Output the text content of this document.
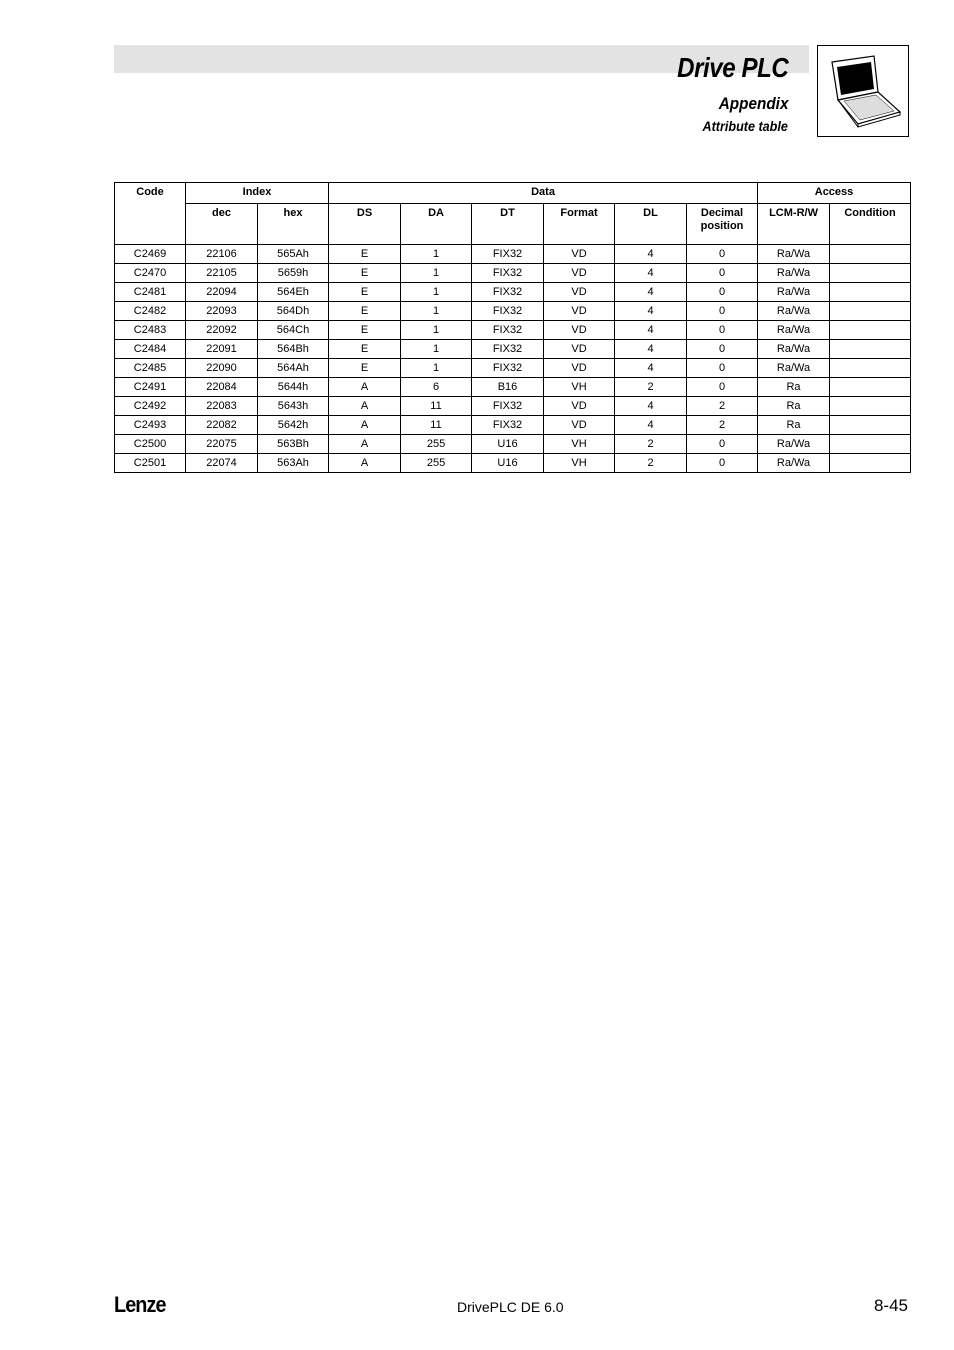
Drive PLC
Appendix
Attribute table
Code	Index		Data						Access	
	dec	hex	DS	DA	DT	Format	DL	Decimal position	LCM-R/W	Condition
C2469	22106	565Ah	E	1	FIX32	VD	4	0	Ra/Wa	
C2470	22105	5659h	E	1	FIX32	VD	4	0	Ra/Wa	
C2481	22094	564Eh	E	1	FIX32	VD	4	0	Ra/Wa	
C2482	22093	564Dh	E	1	FIX32	VD	4	0	Ra/Wa	
C2483	22092	564Ch	E	1	FIX32	VD	4	0	Ra/Wa	
C2484	22091	564Bh	E	1	FIX32	VD	4	0	Ra/Wa	
C2485	22090	564Ah	E	1	FIX32	VD	4	0	Ra/Wa	
C2491	22084	5644h	A	6	B16	VH	2	0	Ra	
C2492	22083	5643h	A	11	FIX32	VD	4	2	Ra	
C2493	22082	5642h	A	11	FIX32	VD	4	2	Ra	
C2500	22075	563Bh	A	255	U16	VH	2	0	Ra/Wa	
C2501	22074	563Ah	A	255	U16	VH	2	0	Ra/Wa	
Lenze	DrivePLC DE 6.0	8-45
